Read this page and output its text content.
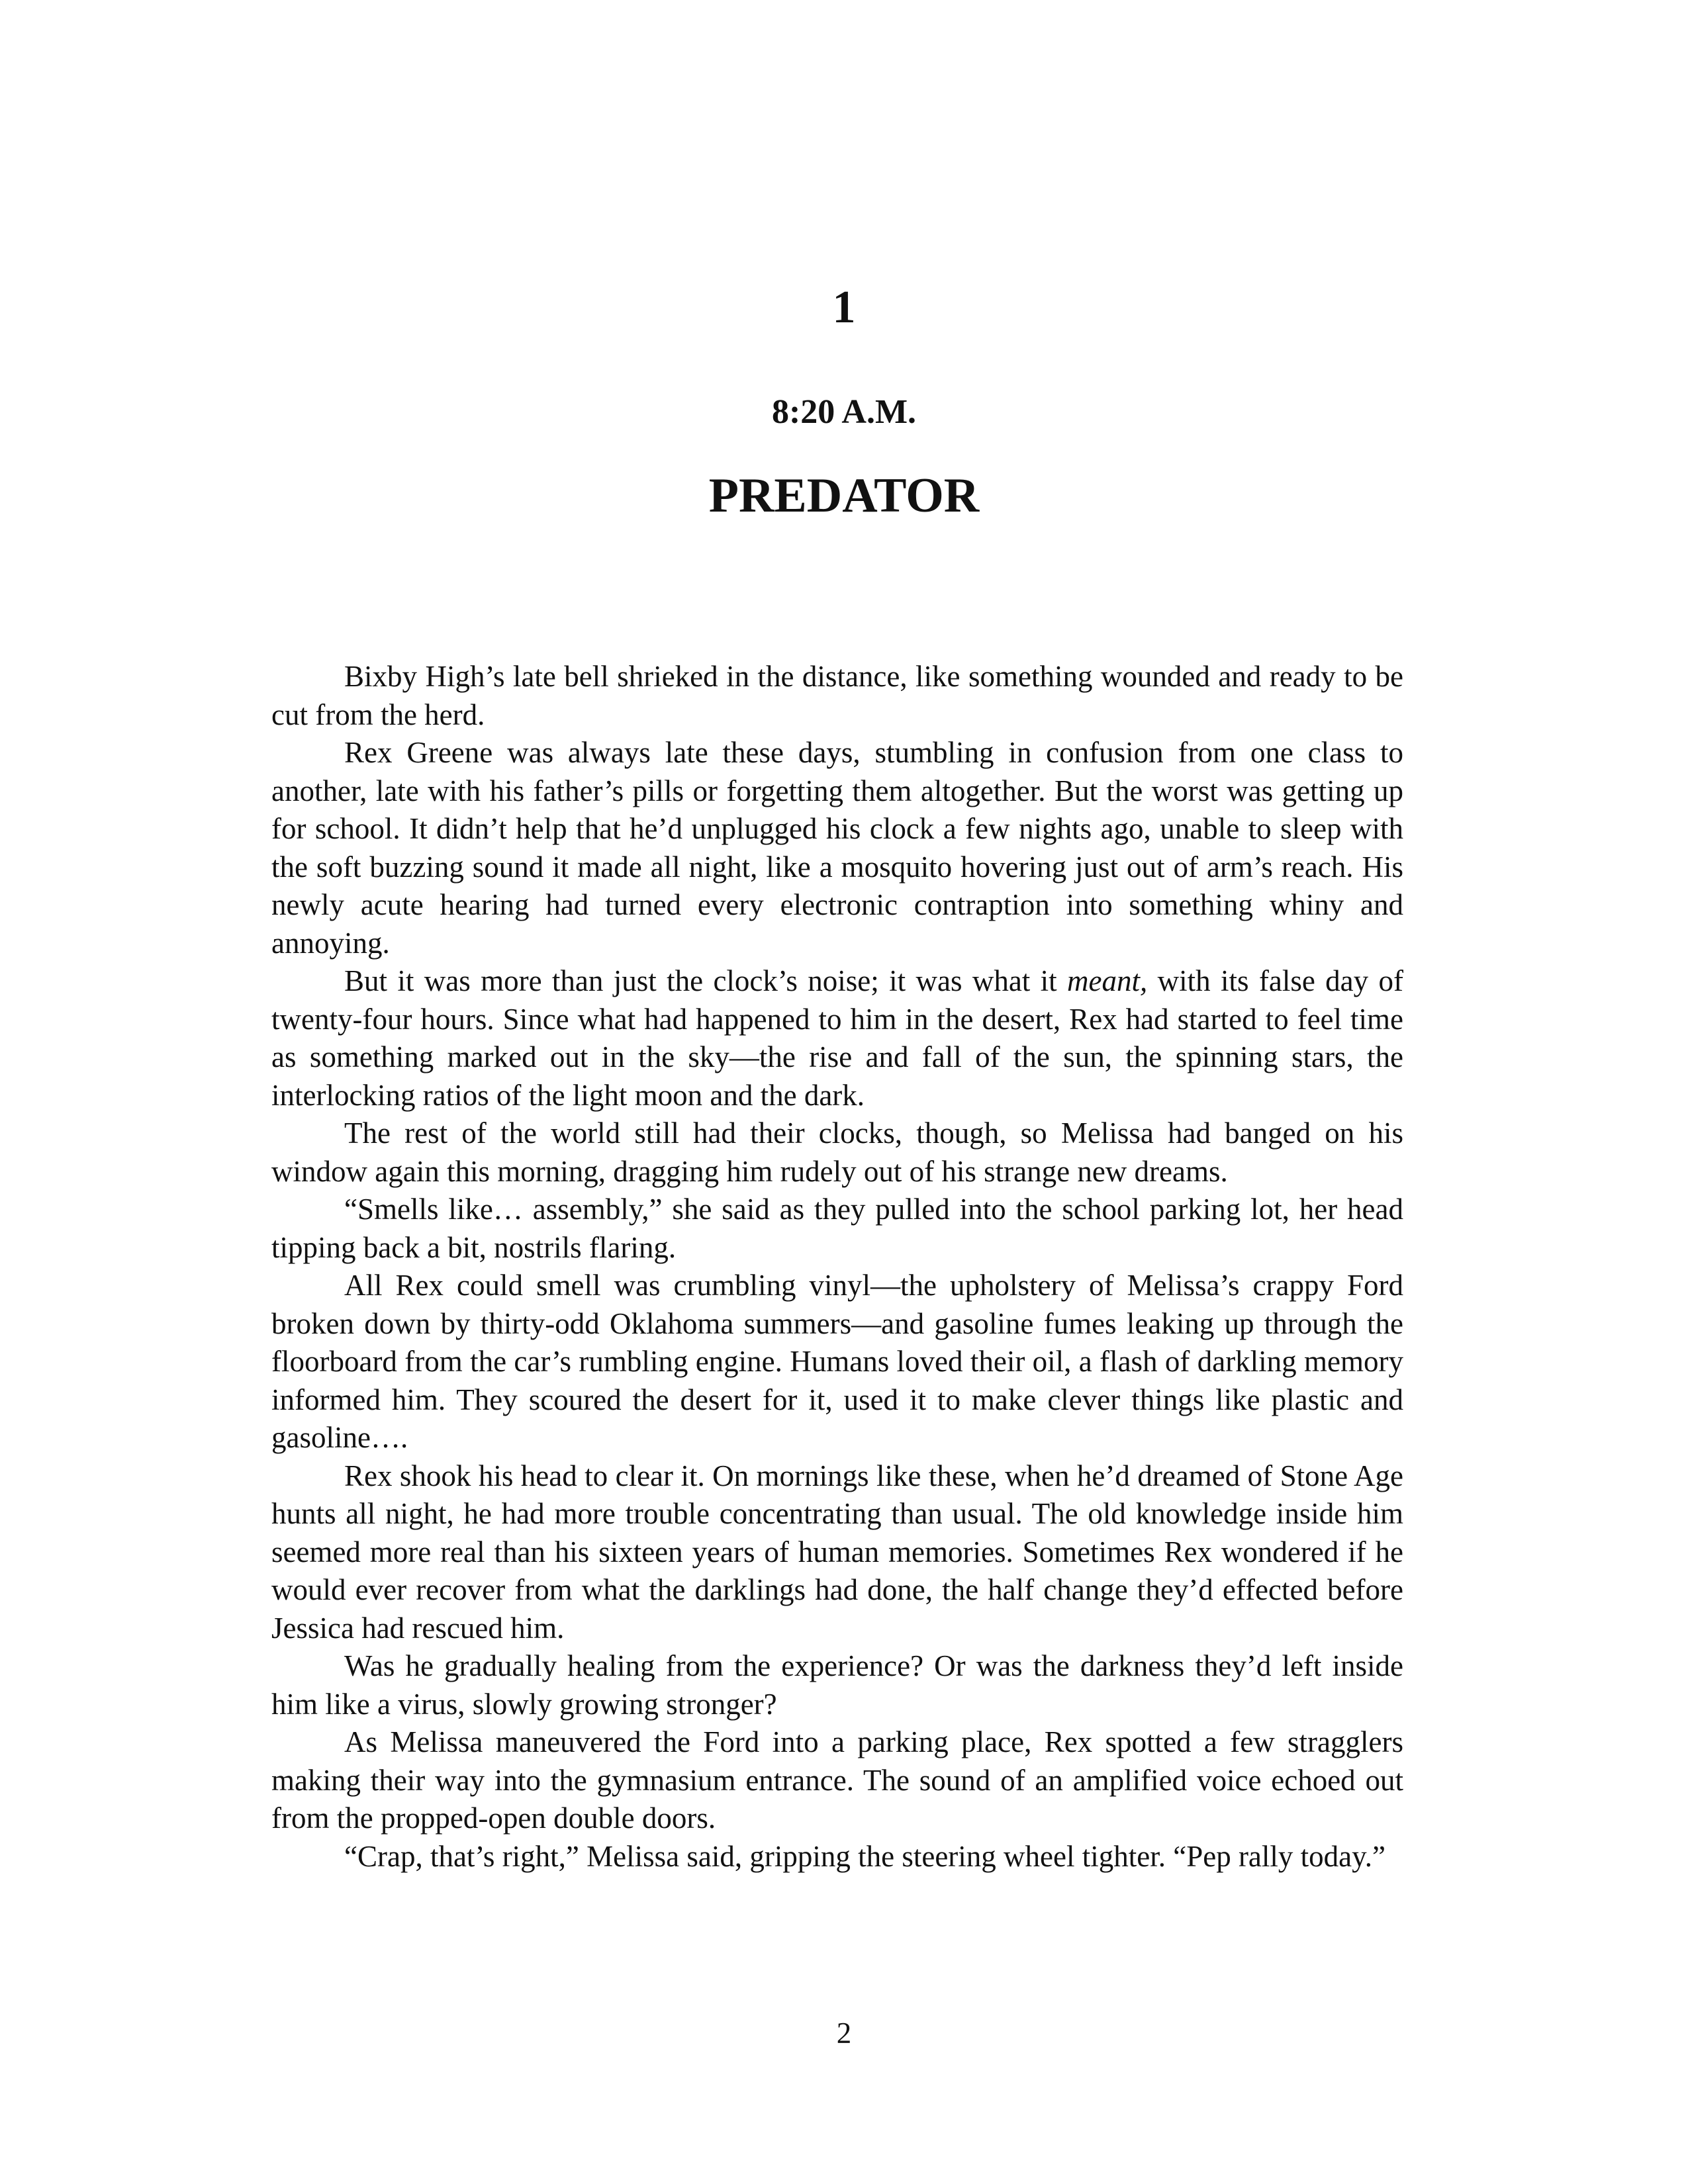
1
8:20 A.M.
PREDATOR

Bixby High’s late bell shrieked in the distance, like something wounded and ready to be cut from the herd.

Rex Greene was always late these days, stumbling in confusion from one class to another, late with his father’s pills or forgetting them altogether. But the worst was getting up for school. It didn’t help that he’d unplugged his clock a few nights ago, unable to sleep with the soft buzzing sound it made all night, like a mosquito hovering just out of arm’s reach. His newly acute hearing had turned every electronic contraption into something whiny and annoying.

But it was more than just the clock’s noise; it was what it meant, with its false day of twenty-four hours. Since what had happened to him in the desert, Rex had started to feel time as something marked out in the sky—the rise and fall of the sun, the spinning stars, the interlocking ratios of the light moon and the dark.

The rest of the world still had their clocks, though, so Melissa had banged on his window again this morning, dragging him rudely out of his strange new dreams.

“Smells like… assembly,” she said as they pulled into the school parking lot, her head tipping back a bit, nostrils flaring.

All Rex could smell was crumbling vinyl—the upholstery of Melissa’s crappy Ford broken down by thirty-odd Oklahoma summers—and gasoline fumes leaking up through the floorboard from the car’s rumbling engine. Humans loved their oil, a flash of darkling memory informed him. They scoured the desert for it, used it to make clever things like plastic and gasoline….

Rex shook his head to clear it. On mornings like these, when he’d dreamed of Stone Age hunts all night, he had more trouble concentrating than usual. The old knowledge inside him seemed more real than his sixteen years of human memories. Sometimes Rex wondered if he would ever recover from what the darklings had done, the half change they’d effected before Jessica had rescued him.

Was he gradually healing from the experience? Or was the darkness they’d left inside him like a virus, slowly growing stronger?

As Melissa maneuvered the Ford into a parking place, Rex spotted a few stragglers making their way into the gymnasium entrance. The sound of an amplified voice echoed out from the propped-open double doors.

“Crap, that’s right,” Melissa said, gripping the steering wheel tighter. “Pep rally today.”

2
